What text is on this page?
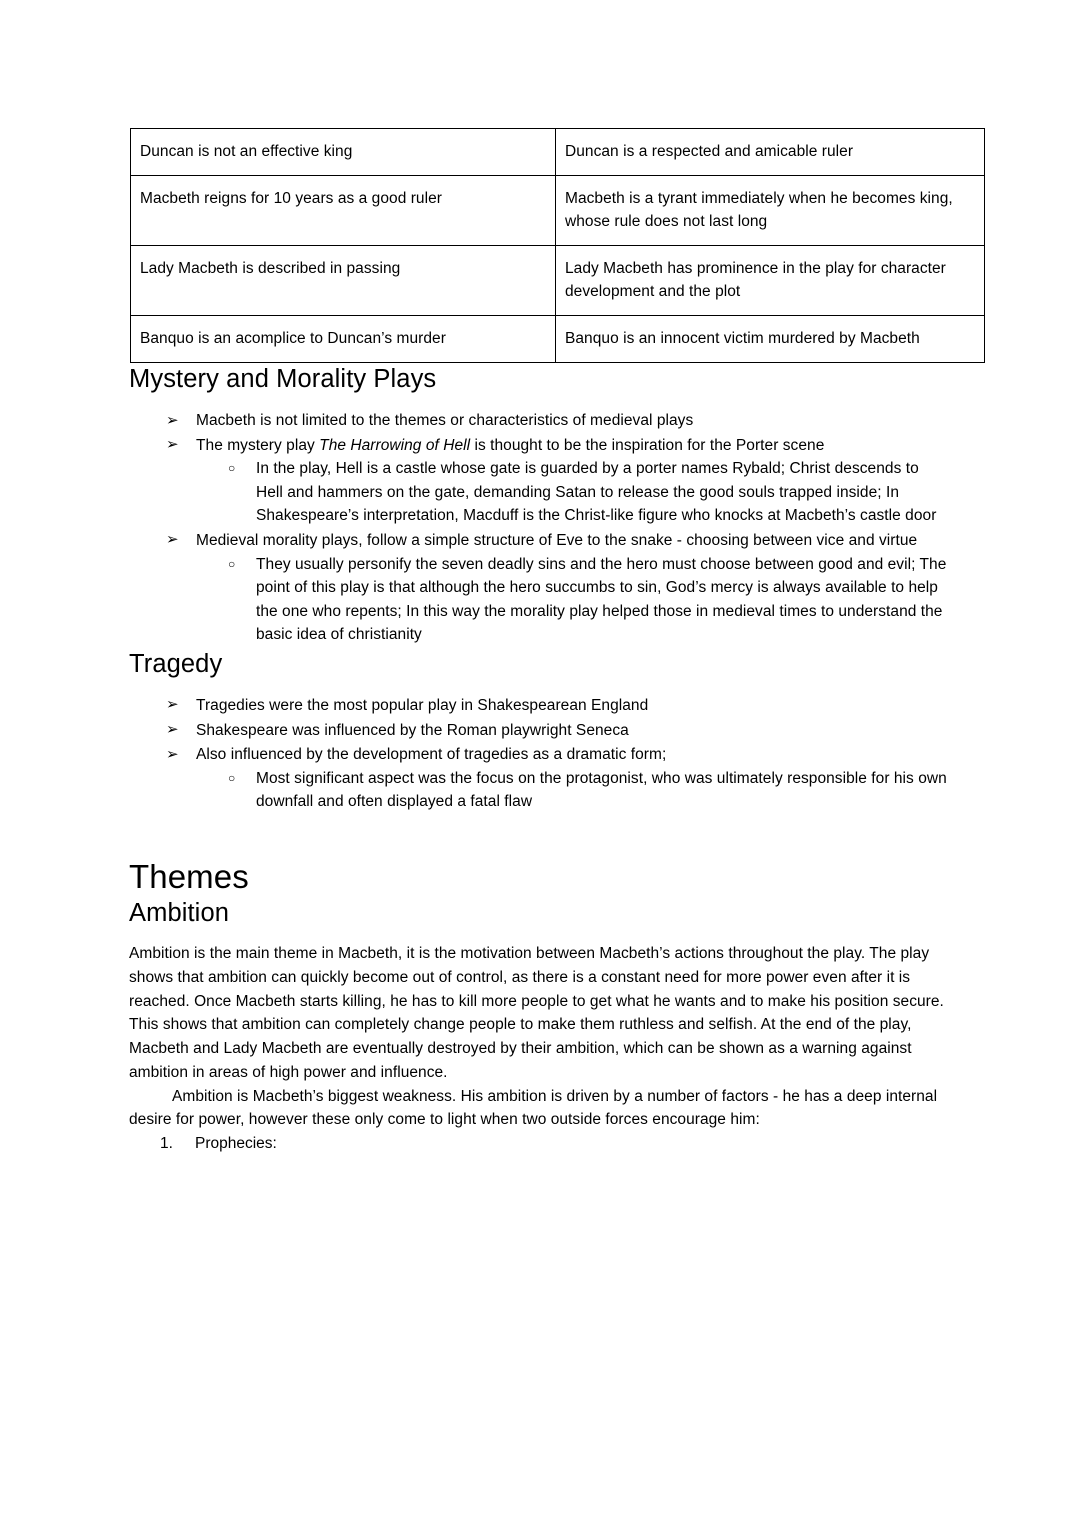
Duncan is not an effective king	Duncan is a respected and amicable ruler
Macbeth reigns for 10 years as a good ruler	Macbeth is a tyrant immediately when he becomes king, whose rule does not last long
Lady Macbeth is described in passing	Lady Macbeth has prominence in the play for character development and the plot
Banquo is an acomplice to Duncan’s murder	Banquo is an innocent victim murdered by Macbeth
Mystery and Morality Plays
➢ Macbeth is not limited to the themes or characteristics of medieval plays
➢ The mystery play The Harrowing of Hell is thought to be the inspiration for the Porter scene
○ In the play, Hell is a castle whose gate is guarded by a porter names Rybald; Christ descends to Hell and hammers on the gate, demanding Satan to release the good souls trapped inside; In Shakespeare’s interpretation, Macduff is the Christ-like figure who knocks at Macbeth’s castle door
➢ Medieval morality plays, follow a simple structure of Eve to the snake - choosing between vice and virtue
○ They usually personify the seven deadly sins and the hero must choose between good and evil; The point of this play is that although the hero succumbs to sin, God’s mercy is always available to help the one who repents; In this way the morality play helped those in medieval times to understand the basic idea of christianity
Tragedy
➢ Tragedies were the most popular play in Shakespearean England
➢ Shakespeare was influenced by the Roman playwright Seneca
➢ Also influenced by the development of tragedies as a dramatic form;
○ Most significant aspect was the focus on the protagonist, who was ultimately responsible for his own downfall and often displayed a fatal flaw
Themes
Ambition

Ambition is the main theme in Macbeth, it is the motivation between Macbeth’s actions throughout the play. The play shows that ambition can quickly become out of control, as there is a constant need for more power even after it is reached. Once Macbeth starts killing, he has to kill more people to get what he wants and to make his position secure. This shows that ambition can completely change people to make them ruthless and selfish. At the end of the play, Macbeth and Lady Macbeth are eventually destroyed by their ambition, which can be shown as a warning against ambition in areas of high power and influence.

Ambition is Macbeth’s biggest weakness. His ambition is driven by a number of factors - he has a deep internal desire for power, however these only come to light when two outside forces encourage him:

1. Prophecies:
